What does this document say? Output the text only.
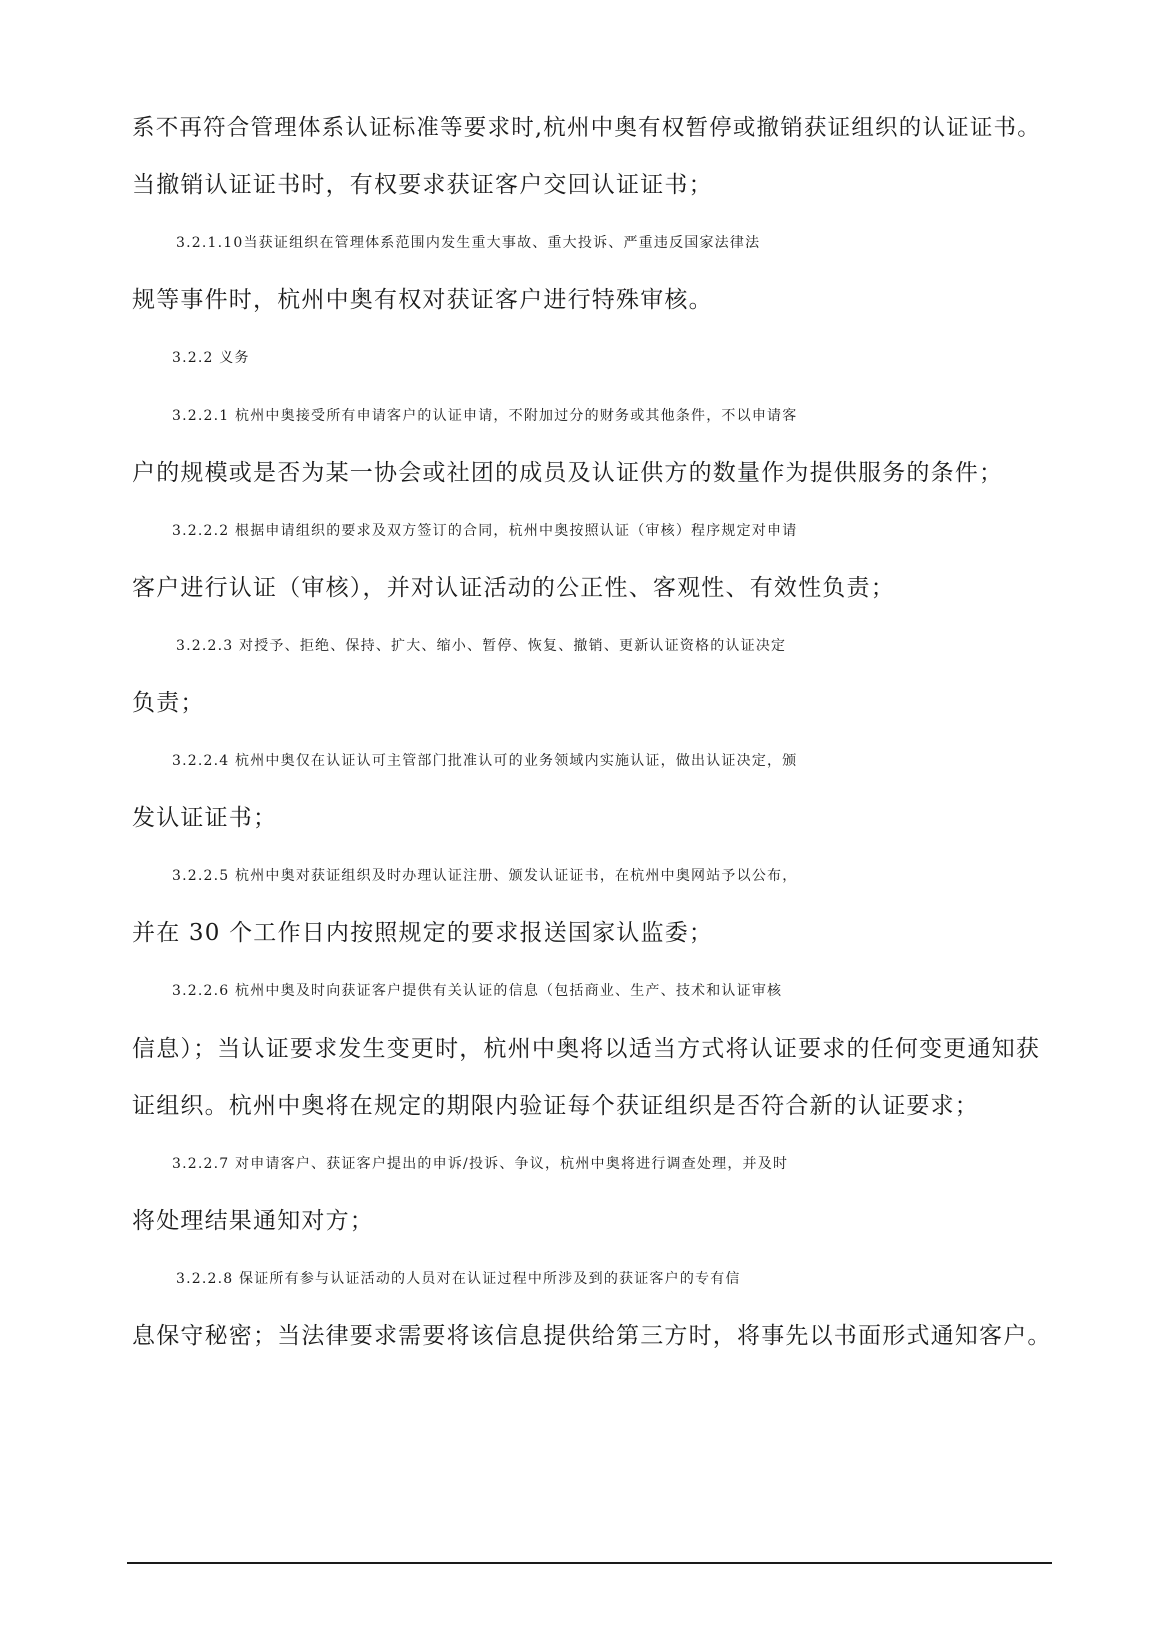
系不再符合管理体系认证标准等要求时,杭州中奥有权暂停或撤销获证组织的认证证书。
当撤销认证证书时，有权要求获证客户交回认证证书；
3.2.1.10当获证组织在管理体系范围内发生重大事故、重大投诉、严重违反国家法律法
规等事件时，杭州中奥有权对获证客户进行特殊审核。
3.2.2 义务
3.2.2.1 杭州中奥接受所有申请客户的认证申请，不附加过分的财务或其他条件，不以申请客
户的规模或是否为某一协会或社团的成员及认证供方的数量作为提供服务的条件；
3.2.2.2 根据申请组织的要求及双方签订的合同，杭州中奥按照认证（审核）程序规定对申请
客户进行认证（审核），并对认证活动的公正性、客观性、有效性负责；
3.2.2.3 对授予、拒绝、保持、扩大、缩小、暂停、恢复、撤销、更新认证资格的认证决定
负责；
3.2.2.4 杭州中奥仅在认证认可主管部门批准认可的业务领域内实施认证，做出认证决定，颁
发认证证书；
3.2.2.5 杭州中奥对获证组织及时办理认证注册、颁发认证证书，在杭州中奥网站予以公布，
并在 30 个工作日内按照规定的要求报送国家认监委；
3.2.2.6 杭州中奥及时向获证客户提供有关认证的信息（包括商业、生产、技术和认证审核
信息）；当认证要求发生变更时，杭州中奥将以适当方式将认证要求的任何变更通知获
证组织。杭州中奥将在规定的期限内验证每个获证组织是否符合新的认证要求；
3.2.2.7 对申请客户、获证客户提出的申诉/投诉、争议，杭州中奥将进行调查处理，并及时
将处理结果通知对方；
3.2.2.8 保证所有参与认证活动的人员对在认证过程中所涉及到的获证客户的专有信
息保守秘密；当法律要求需要将该信息提供给第三方时，将事先以书面形式通知客户。
